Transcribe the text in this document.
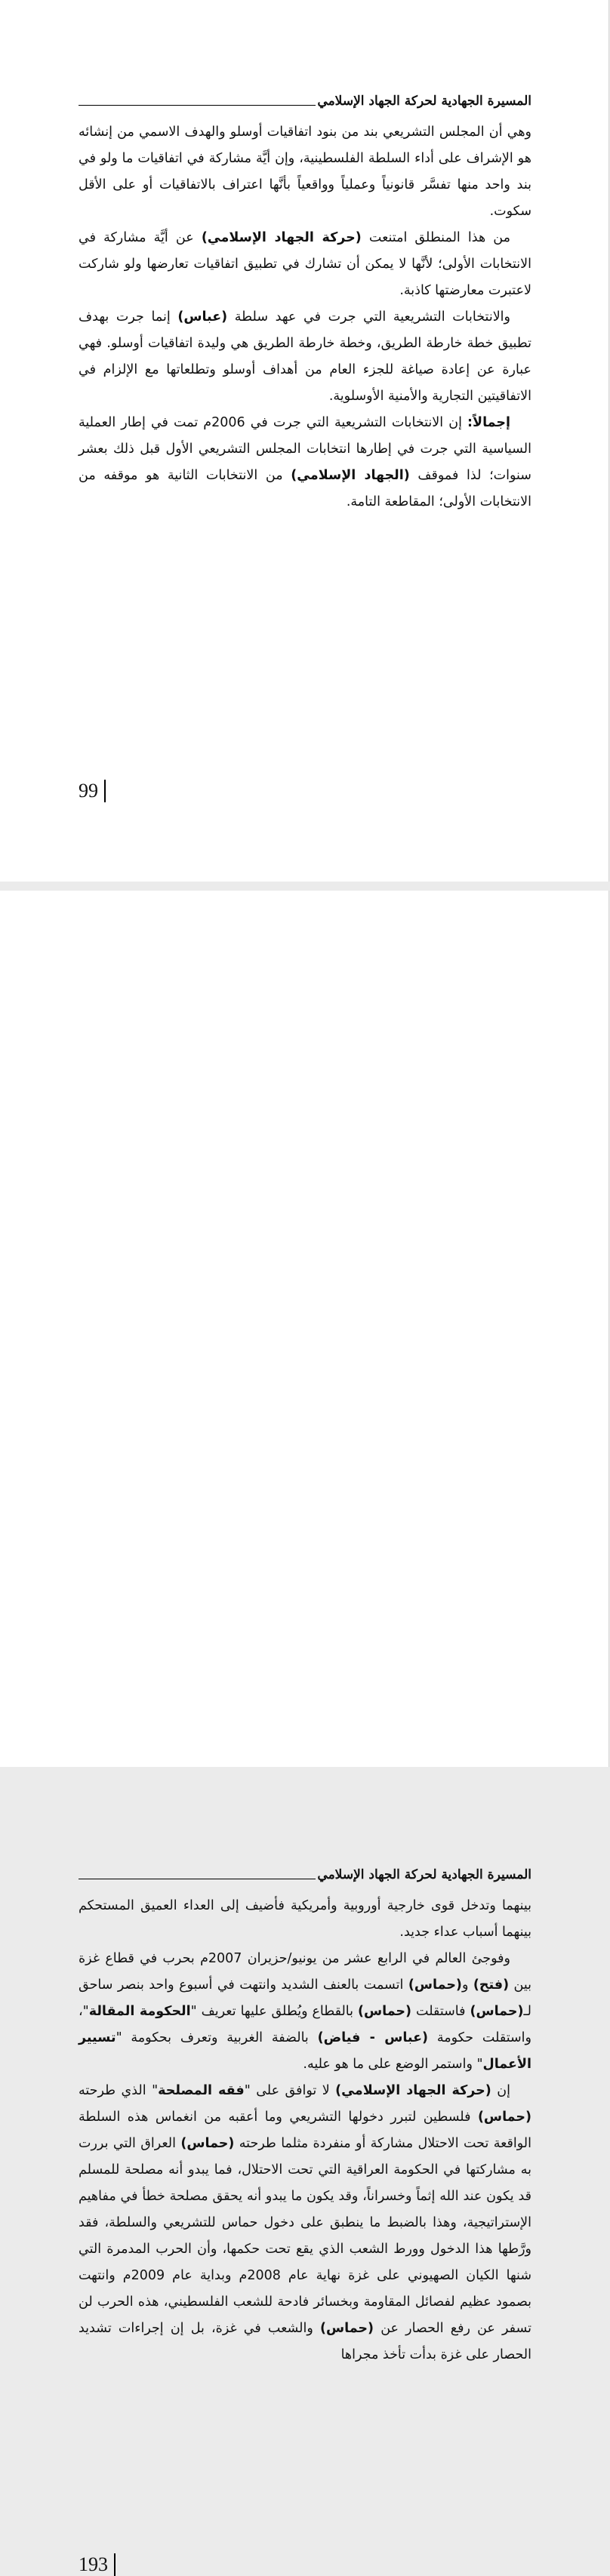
المسيرة الجهادية لحركة الجهاد الإسلامي

وهي أن المجلس التشريعي بند من بنود اتفاقيات أوسلو والهدف الاسمي من إنشائه هو الإشراف على أداء السلطة الفلسطينية، وإن أيَّة مشاركة في اتفاقيات ما ولو في بند واحد منها تفسَّر قانونياً وعملياً وواقعياً بأنَّها اعتراف بالاتفاقيات أو على الأقل سكوت.

من هذا المنطلق امتنعت (حركة الجهاد الإسلامي) عن أيَّة مشاركة في الانتخابات الأولى؛ لأنَّها لا يمكن أن تشارك في تطبيق اتفاقيات تعارضها ولو شاركت لاعتبرت معارضتها كاذبة.

والانتخابات التشريعية التي جرت في عهد سلطة (عباس) إنما جرت بهدف تطبيق خطة خارطة الطريق، وخطة خارطة الطريق هي وليدة اتفاقيات أوسلو. فهي عبارة عن إعادة صياغة للجزء العام من أهداف أوسلو وتطلعاتها مع الإلزام في الاتفاقيتين التجارية والأمنية الأوسلوية.

إجمالاً: إن الانتخابات التشريعية التي جرت في 2006م تمت في إطار العملية السياسية التي جرت في إطارها انتخابات المجلس التشريعي الأول قبل ذلك بعشر سنوات؛ لذا فموقف (الجهاد الإسلامي) من الانتخابات الثانية هو موقفه من الانتخابات الأولى؛ المقاطعة التامة.

99
المسيرة الجهادية لحركة الجهاد الإسلامي

بينهما وتدخل قوى خارجية أوروبية وأمريكية فأضيف إلى العداء العميق المستحكم بينهما أسباب عداء جديد.

وفوجئ العالم في الرابع عشر من يونيو/حزيران 2007م بحرب في قطاع غزة بين (فتح) و(حماس) اتسمت بالعنف الشديد وانتهت في أسبوع واحد بنصر ساحق لـ(حماس) فاستقلت (حماس) بالقطاع ويُطلق عليها تعريف "الحكومة المقالة"، واستقلت حكومة (عباس - فياض) بالضفة الغربية وتعرف بحكومة "تسيير الأعمال" واستمر الوضع على ما هو عليه.

إن (حركة الجهاد الإسلامي) لا توافق على "فقه المصلحة" الذي طرحته (حماس) فلسطين لتبرر دخولها التشريعي وما أعقبه من انغماس هذه السلطة الواقعة تحت الاحتلال مشاركة أو منفردة مثلما طرحته (حماس) العراق التي بررت به مشاركتها في الحكومة العراقية التي تحت الاحتلال، فما يبدو أنه مصلحة للمسلم قد يكون عند الله إثماً وخسراناً، وقد يكون ما يبدو أنه يحقق مصلحة خطأ في مفاهيم الإستراتيجية، وهذا بالضبط ما ينطبق على دخول حماس للتشريعي والسلطة، فقد ورَّطها هذا الدخول وورط الشعب الذي يقع تحت حكمها، وأن الحرب المدمرة التي شنها الكيان الصهيوني على غزة نهاية عام 2008م وبداية عام 2009م وانتهت بصمود عظيم لفصائل المقاومة وبخسائر فادحة للشعب الفلسطيني، هذه الحرب لن تسفر عن رفع الحصار عن (حماس) والشعب في غزة، بل إن إجراءات تشديد الحصار على غزة بدأت تأخذ مجراها

193
